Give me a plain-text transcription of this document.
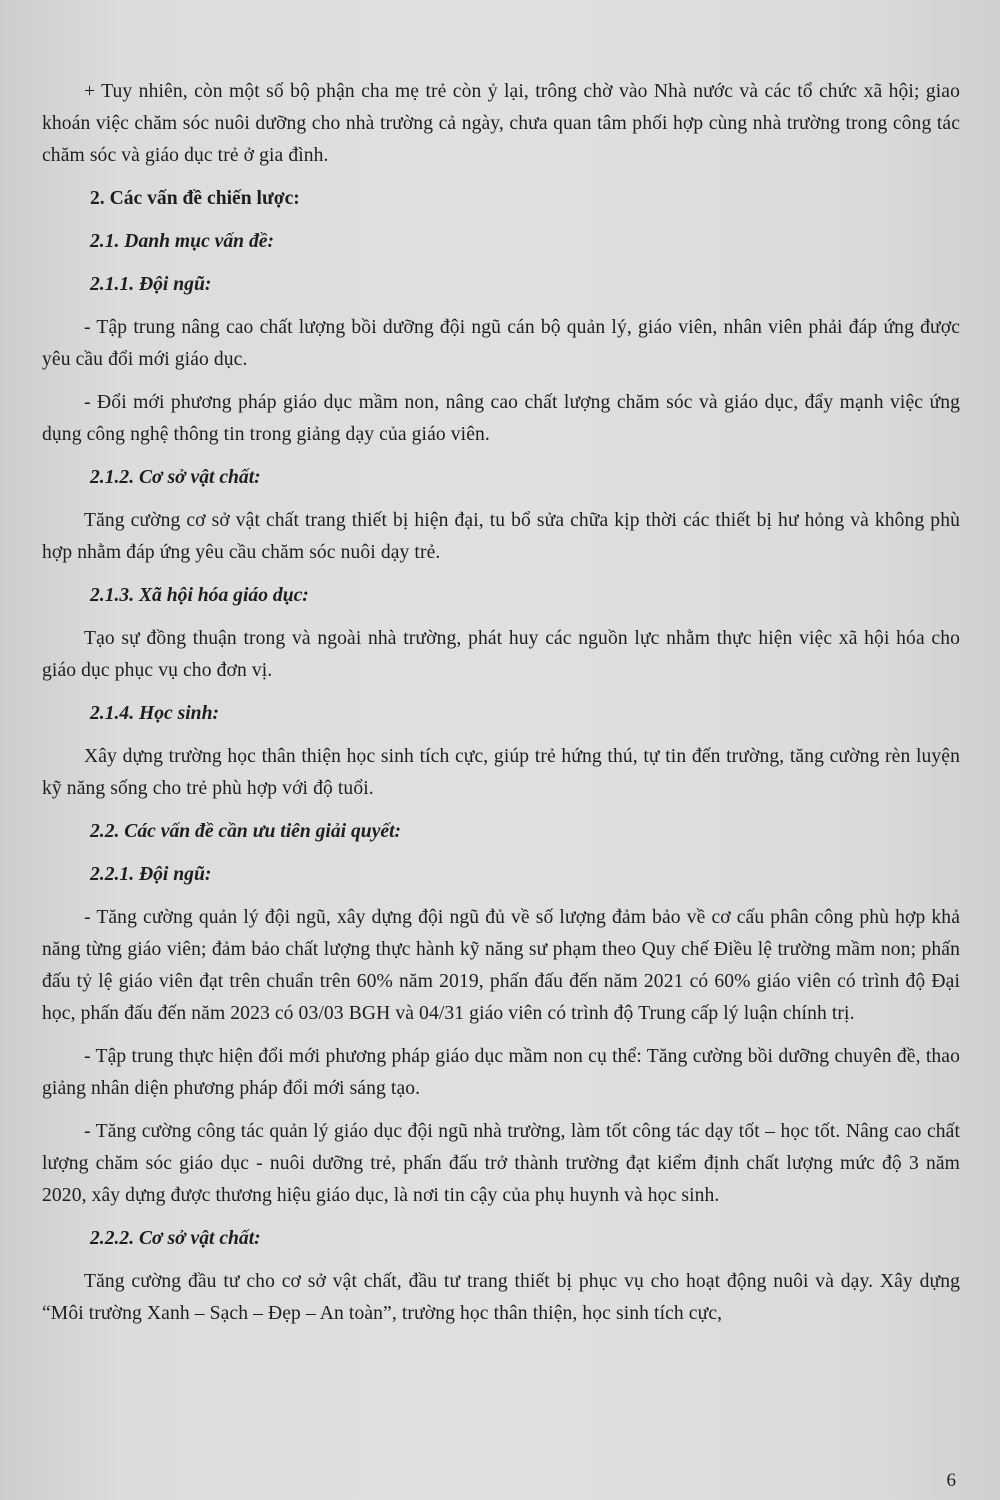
+ Tuy nhiên, còn một số bộ phận cha mẹ trẻ còn ỷ lại, trông chờ vào Nhà nước và các tổ chức xã hội; giao khoán việc chăm sóc nuôi dưỡng cho nhà trường cả ngày, chưa quan tâm phối hợp cùng nhà trường trong công tác chăm sóc và giáo dục trẻ ở gia đình.

2. Các vấn đề chiến lược:
2.1. Danh mục vấn đề:
2.1.1. Đội ngũ:

- Tập trung nâng cao chất lượng bồi dưỡng đội ngũ cán bộ quản lý, giáo viên, nhân viên phải đáp ứng được yêu cầu đổi mới giáo dục.

- Đổi mới phương pháp giáo dục mầm non, nâng cao chất lượng chăm sóc và giáo dục, đẩy mạnh việc ứng dụng công nghệ thông tin trong giảng dạy của giáo viên.

2.1.2. Cơ sở vật chất:

Tăng cường cơ sở vật chất trang thiết bị hiện đại, tu bổ sửa chữa kịp thời các thiết bị hư hỏng và không phù hợp nhằm đáp ứng yêu cầu chăm sóc nuôi dạy trẻ.

2.1.3. Xã hội hóa giáo dục:

Tạo sự đồng thuận trong và ngoài nhà trường, phát huy các nguồn lực nhằm thực hiện việc xã hội hóa cho giáo dục phục vụ cho đơn vị.

2.1.4. Học sinh:

Xây dựng trường học thân thiện học sinh tích cực, giúp trẻ hứng thú, tự tin đến trường, tăng cường rèn luyện kỹ năng sống cho trẻ phù hợp với độ tuổi.

2.2. Các vấn đề cần ưu tiên giải quyết:
2.2.1. Đội ngũ:

- Tăng cường quản lý đội ngũ, xây dựng đội ngũ đủ về số lượng đảm bảo về cơ cấu phân công phù hợp khả năng từng giáo viên; đảm bảo chất lượng thực hành kỹ năng sư phạm theo Quy chế Điều lệ trường mầm non; phấn đấu tỷ lệ giáo viên đạt trên chuẩn trên 60% năm 2019, phấn đấu đến năm 2021 có 60% giáo viên có trình độ Đại học, phấn đấu đến năm 2023 có 03/03 BGH và 04/31 giáo viên có trình độ Trung cấp lý luận chính trị.

- Tập trung thực hiện đổi mới phương pháp giáo dục mầm non cụ thể: Tăng cường bồi dưỡng chuyên đề, thao giảng nhân diện phương pháp đổi mới sáng tạo.

- Tăng cường công tác quản lý giáo dục đội ngũ nhà trường, làm tốt công tác dạy tốt – học tốt. Nâng cao chất lượng chăm sóc giáo dục - nuôi dưỡng trẻ, phấn đấu trở thành trường đạt kiểm định chất lượng mức độ 3 năm 2020, xây dựng được thương hiệu giáo dục, là nơi tin cậy của phụ huynh và học sinh.

2.2.2. Cơ sở vật chất:

Tăng cường đầu tư cho cơ sở vật chất, đầu tư trang thiết bị phục vụ cho hoạt động nuôi và dạy. Xây dựng “Môi trường Xanh – Sạch – Đẹp – An toàn”, trường học thân thiện, học sinh tích cực,

6
